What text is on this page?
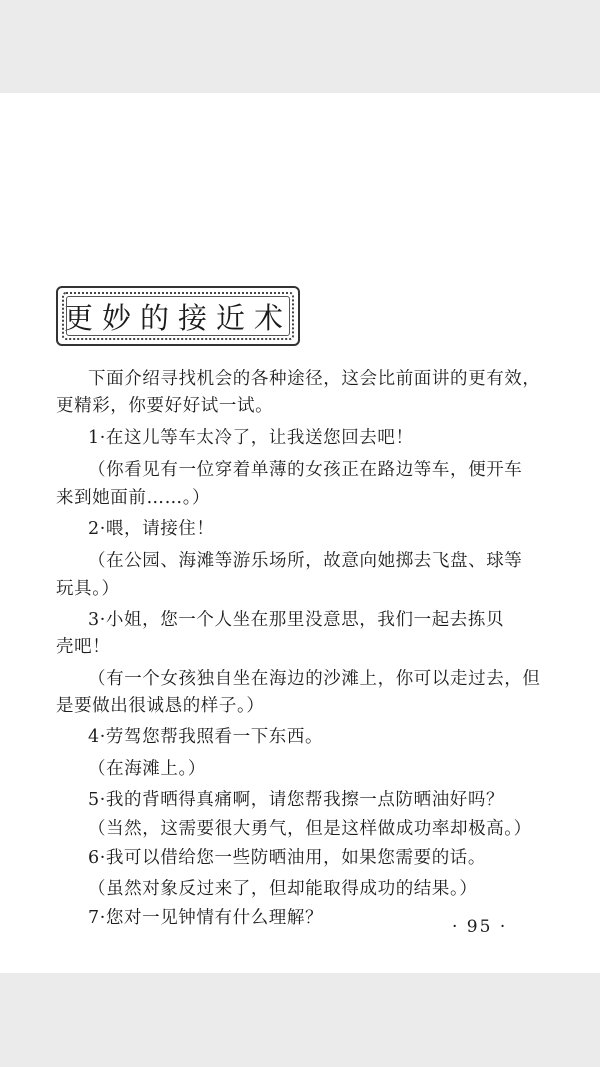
更妙的接近术
下面介绍寻找机会的各种途径，这会比前面讲的更有效，
更精彩，你要好好试一试。
1·在这儿等车太冷了，让我送您回去吧！
（你看见有一位穿着单薄的女孩正在路边等车，便开车
来到她面前……。）
2·喂，请接住！
（在公园、海滩等游乐场所，故意向她掷去飞盘、球等
玩具。）
3·小姐，您一个人坐在那里没意思，我们一起去拣贝
壳吧！
（有一个女孩独自坐在海边的沙滩上，你可以走过去，但
是要做出很诚恳的样子。）
4·劳驾您帮我照看一下东西。
（在海滩上。）
5·我的背晒得真痛啊，请您帮我擦一点防晒油好吗？
（当然，这需要很大勇气，但是这样做成功率却极高。）
6·我可以借给您一些防晒油用，如果您需要的话。
（虽然对象反过来了，但却能取得成功的结果。）
7·您对一见钟情有什么理解？	· 95 ·
